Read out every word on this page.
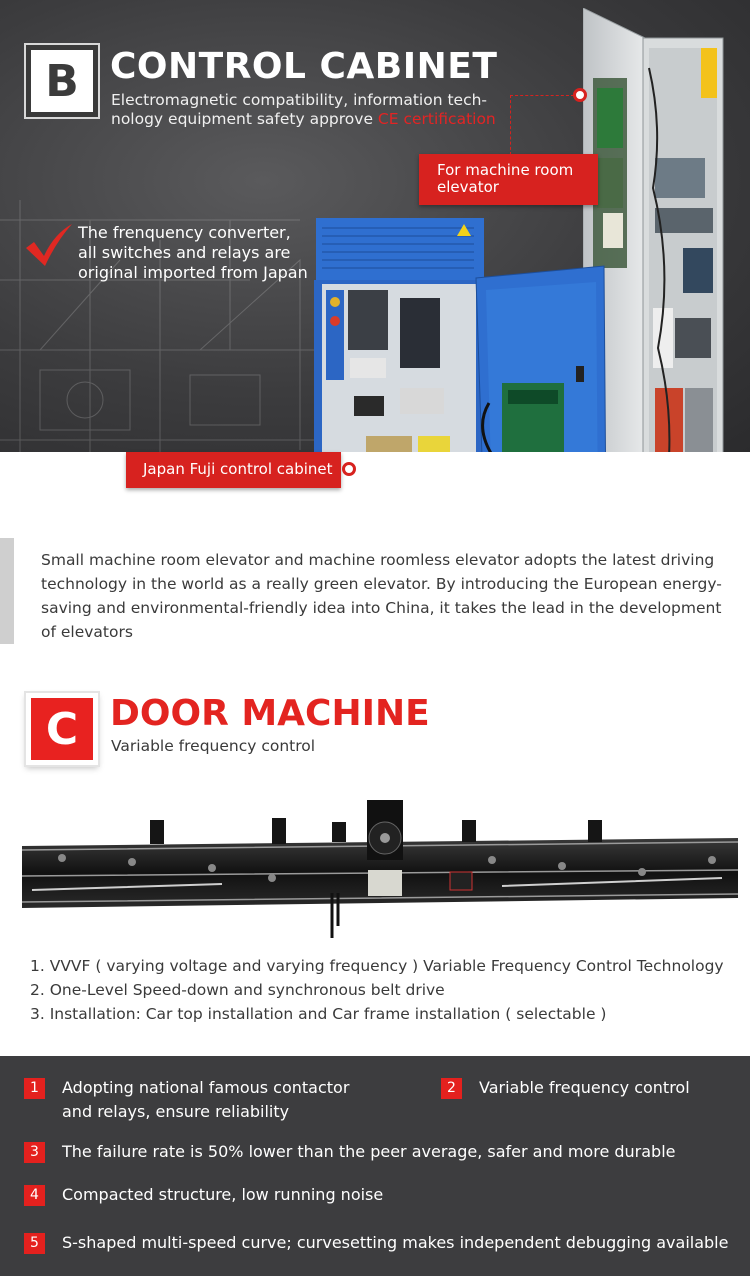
B CONTROL CABINET
Electromagnetic compatibility, information tech- nology equipment safety approve CE certification
The frenquency converter, all switches and relays are original imported from Japan
For machine room elevator
Japan Fuji control cabinet

Small machine room elevator and machine roomless elevator adopts the latest driving technology in the world as a really green elevator. By introducing the European energy-saving and environmental-friendly idea into China, it takes the lead in the development of elevators

C DOOR MACHINE
Variable frequency control
1. VVVF ( varying voltage and varying frequency ) Variable Frequency Control Technology
2. One-Level Speed-down and synchronous belt drive
3. Installation: Car top installation and Car frame installation ( selectable )
1	Adopting national famous contactor and relays, ensure reliability
2	Variable frequency control
3	The failure rate is 50% lower than the peer average, safer and more durable
4	Compacted structure, low running noise
5	S-shaped multi-speed curve; curvesetting makes independent debugging available
